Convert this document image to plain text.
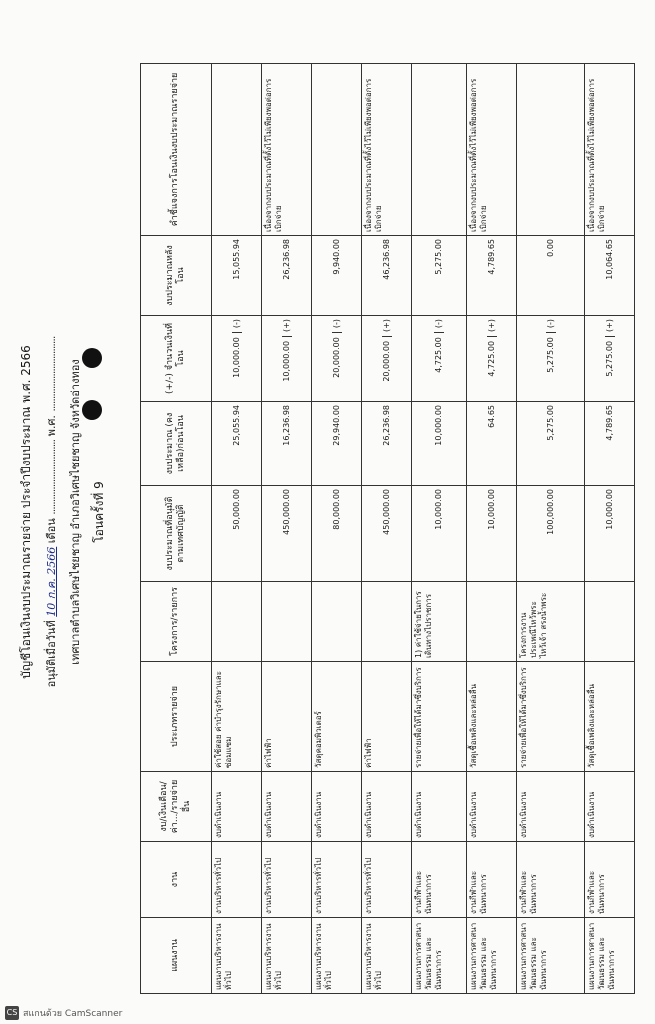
บัญชีโอนเงินงบประมาณรายจ่าย ประจำปีงบประมาณ พ.ศ. 2566 อนุมัติเมื่อวันที่ 10 ก.ค. 2566 เดือน .............................. พ.ศ. .............................. เทศบาลตำบลวิเศษไชยชาญ อำเภอวิเศษไชยชาญ จังหวัดอ่างทอง โอนครั้งที่ 9
แผนงาน	งาน	งบ/เงินเดือน/ค่า.../รายจ่ายอื่น	ประเภทรายจ่าย	โครงการ/รายการ	งบประมาณที่อนุมัติตามเทศบัญญัติ	งบประมาณ (คงเหลือ)ก่อนโอน	(+/-) จำนวนเงินที่โอน	งบประมาณหลังโอน	คำชี้แจงการโอนเงินงบประมาณรายจ่าย
แผนงานบริหารงานทั่วไป	งานบริหารทั่วไป	งบดำเนินงาน	ค่าใช้สอย ค่าบำรุงรักษาและซ่อมแซม		50,000.00	25,055.94	10,000.00(-)	15,055.94	
แผนงานบริหารงานทั่วไป	งานบริหารทั่วไป	งบดำเนินงาน	ค่าไฟฟ้า		450,000.00	16,236.98	10,000.00(+)	26,236.98	เนื่องจากงบประมาณที่ตั้งไว้ไม่เพียงพอต่อการเบิกจ่าย
แผนงานบริหารงานทั่วไป	งานบริหารทั่วไป	งบดำเนินงาน	วัสดุคอมพิวเตอร์		80,000.00	29,940.00	20,000.00(-)	9,940.00	
แผนงานบริหารงานทั่วไป	งานบริหารทั่วไป	งบดำเนินงาน	ค่าไฟฟ้า		450,000.00	26,236.98	20,000.00(+)	46,236.98	เนื่องจากงบประมาณที่ตั้งไว้ไม่เพียงพอต่อการเบิกจ่าย
แผนงานการศาสนา วัฒนธรรม และนันทนาการ	งานกีฬาและนันทนาการ	งบดำเนินงาน	รายจ่ายเพื่อให้ได้มาซึ่งบริการ	1) ค่าใช้จ่ายในการเดินทางไปราชการ	10,000.00	10,000.00	4,725.00(-)	5,275.00	
แผนงานการศาสนา วัฒนธรรม และนันทนาการ	งานกีฬาและนันทนาการ	งบดำเนินงาน	วัสดุเชื้อเพลิงและหล่อลื่น		10,000.00	64.65	4,725.00(+)	4,789.65	เนื่องจากงบประมาณที่ตั้งไว้ไม่เพียงพอต่อการเบิกจ่าย
แผนงานการศาสนา วัฒนธรรม และนันทนาการ	งานกีฬาและนันทนาการ	งบดำเนินงาน	รายจ่ายเพื่อให้ได้มาซึ่งบริการ	โครงการงานประเพณีไหว้พระ ไหว้เจ้า สรงน้ำพระ	100,000.00	5,275.00	5,275.00(-)	0.00	
แผนงานการศาสนา วัฒนธรรม และนันทนาการ	งานกีฬาและนันทนาการ	งบดำเนินงาน	วัสดุเชื้อเพลิงและหล่อลื่น		10,000.00	4,789.65	5,275.00(+)	10,064.65	เนื่องจากงบประมาณที่ตั้งไว้ไม่เพียงพอต่อการเบิกจ่าย
CS สแกนด้วย CamScanner
